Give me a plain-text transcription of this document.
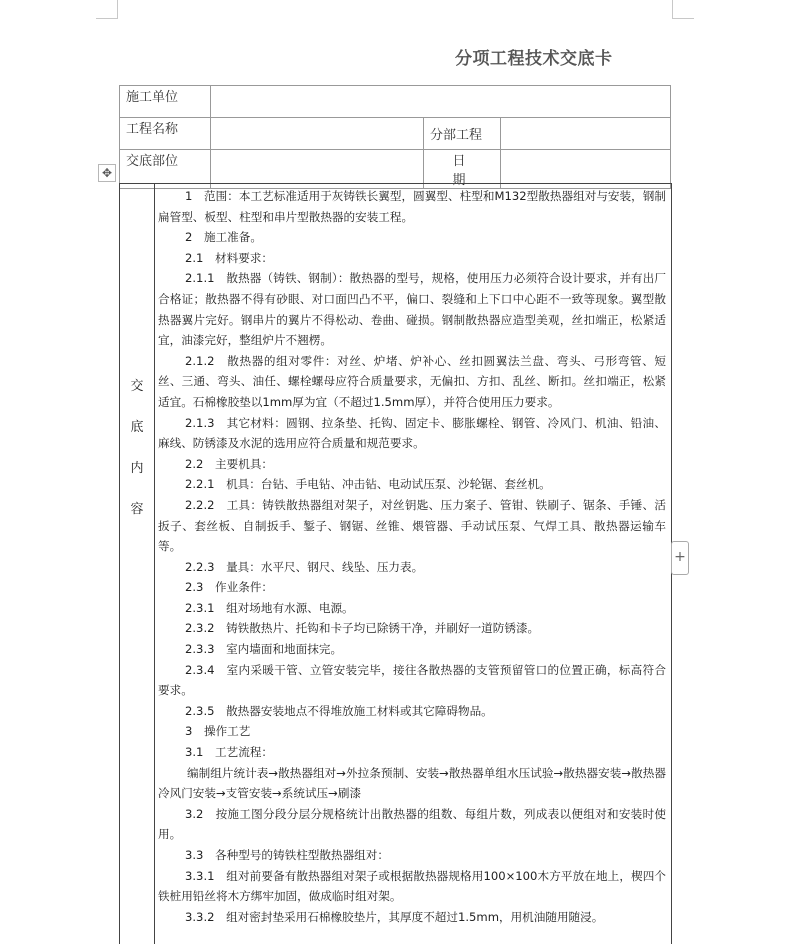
分项工程技术交底卡
施工单位			
工程名称		分部工程	
交底部位		日 期	
✥
交
底
内
容

1　范围：本工艺标准适用于灰铸铁长翼型，圆翼型、柱型和M132型散热器组对与安装，钢制扁管型、板型、柱型和串片型散热器的安装工程。

2　施工准备。

2.1　材料要求：

2.1.1　散热器（铸铁、钢制）：散热器的型号，规格，使用压力必须符合设计要求，并有出厂合格证；散热器不得有砂眼、对口面凹凸不平，偏口、裂缝和上下口中心距不一致等现象。翼型散热器翼片完好。钢串片的翼片不得松动、卷曲、碰损。钢制散热器应造型美观，丝扣端正，松紧适宜，油漆完好，整组炉片不翘楞。

2.1.2　散热器的组对零件：对丝、炉堵、炉补心、丝扣圆翼法兰盘、弯头、弓形弯管、短丝、三通、弯头、油任、螺栓螺母应符合质量要求，无偏扣、方扣、乱丝、断扣。丝扣端正，松紧适宜。石棉橡胶垫以1mm厚为宜（不超过1.5mm厚），并符合使用压力要求。

2.1.3　其它材料：圆钢、拉条垫、托钩、固定卡、膨胀螺栓、钢管、冷风门、机油、铅油、麻线、防锈漆及水泥的选用应符合质量和规范要求。

2.2　主要机具：

2.2.1　机具：台钻、手电钻、冲击钻、电动试压泵、沙轮锯、套丝机。

2.2.2　工具：铸铁散热器组对架子，对丝钥匙、压力案子、管钳、铁刷子、锯条、手锤、活扳子、套丝板、自制扳手、錾子、钢锯、丝锥、煨管器、手动试压泵、气焊工具、散热器运输车等。

2.2.3　量具：水平尺、钢尺、线坠、压力表。

2.3　作业条件：

2.3.1　组对场地有水源、电源。

2.3.2　铸铁散热片、托钩和卡子均已除锈干净，并刷好一道防锈漆。

2.3.3　室内墙面和地面抹完。

2.3.4　室内采暖干管、立管安装完毕，接往各散热器的支管预留管口的位置正确，标高符合要求。

2.3.5　散热器安装地点不得堆放施工材料或其它障碍物品。

3　操作工艺

3.1　工艺流程：

编制组片统计表→散热器组对→外拉条预制、安装→散热器单组水压试验→散热器安装→散热器冷风门安装→支管安装→系统试压→刷漆

3.2　按施工图分段分层分规格统计出散热器的组数、每组片数，列成表以便组对和安装时使用。

3.3　各种型号的铸铁柱型散热器组对：

3.3.1　组对前要备有散热器组对架子或根据散热器规格用100×100木方平放在地上，楔四个铁桩用铅丝将木方绑牢加固，做成临时组对架。

3.3.2　组对密封垫采用石棉橡胶垫片，其厚度不超过1.5mm，用机油随用随浸。

+
